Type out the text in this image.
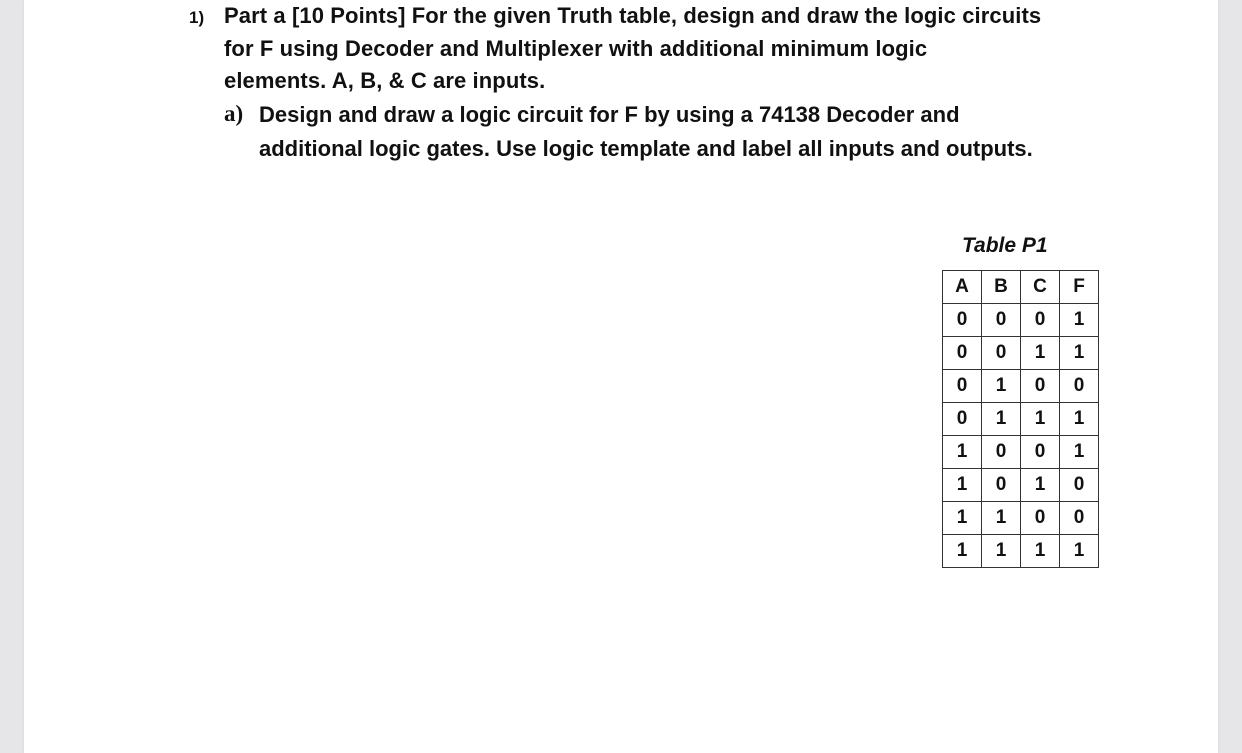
1) Part a [10 Points] For the given Truth table, design and draw the logic circuits
for F using Decoder and Multiplexer with additional minimum logic
elements. A, B, & C are inputs.
a) Design and draw a logic circuit for F by using a 74138 Decoder and
additional logic gates. Use logic template and label all inputs and outputs.
Table P1
A	B	C	F
0	0	0	1
0	0	1	1
0	1	0	0
0	1	1	1
1	0	0	1
1	0	1	0
1	1	0	0
1	1	1	1
